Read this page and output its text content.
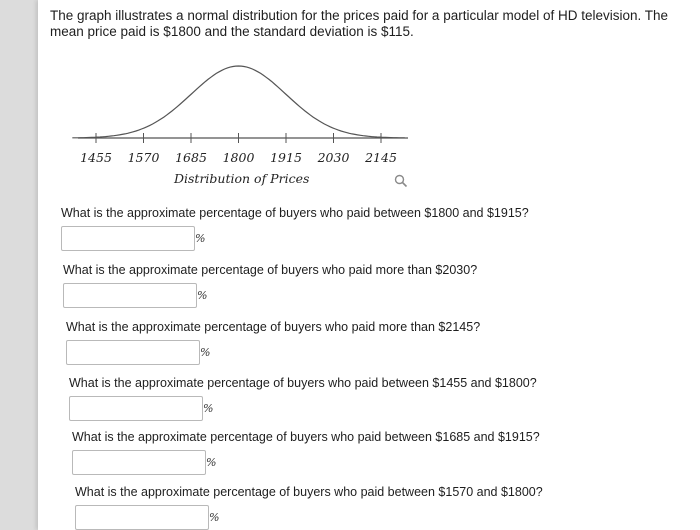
The graph illustrates a normal distribution for the prices paid for a particular model of HD television. The mean price paid is $1800 and the standard deviation is $115.
1455 1570 1685 1800 1915 2030 2145
Distribution of Prices
What is the approximate percentage of buyers who paid between $1800 and $1915?
%
What is the approximate percentage of buyers who paid more than $2030?
%
What is the approximate percentage of buyers who paid more than $2145?
%
What is the approximate percentage of buyers who paid between $1455 and $1800?
%
What is the approximate percentage of buyers who paid between $1685 and $1915?
%
What is the approximate percentage of buyers who paid between $1570 and $1800?
%
